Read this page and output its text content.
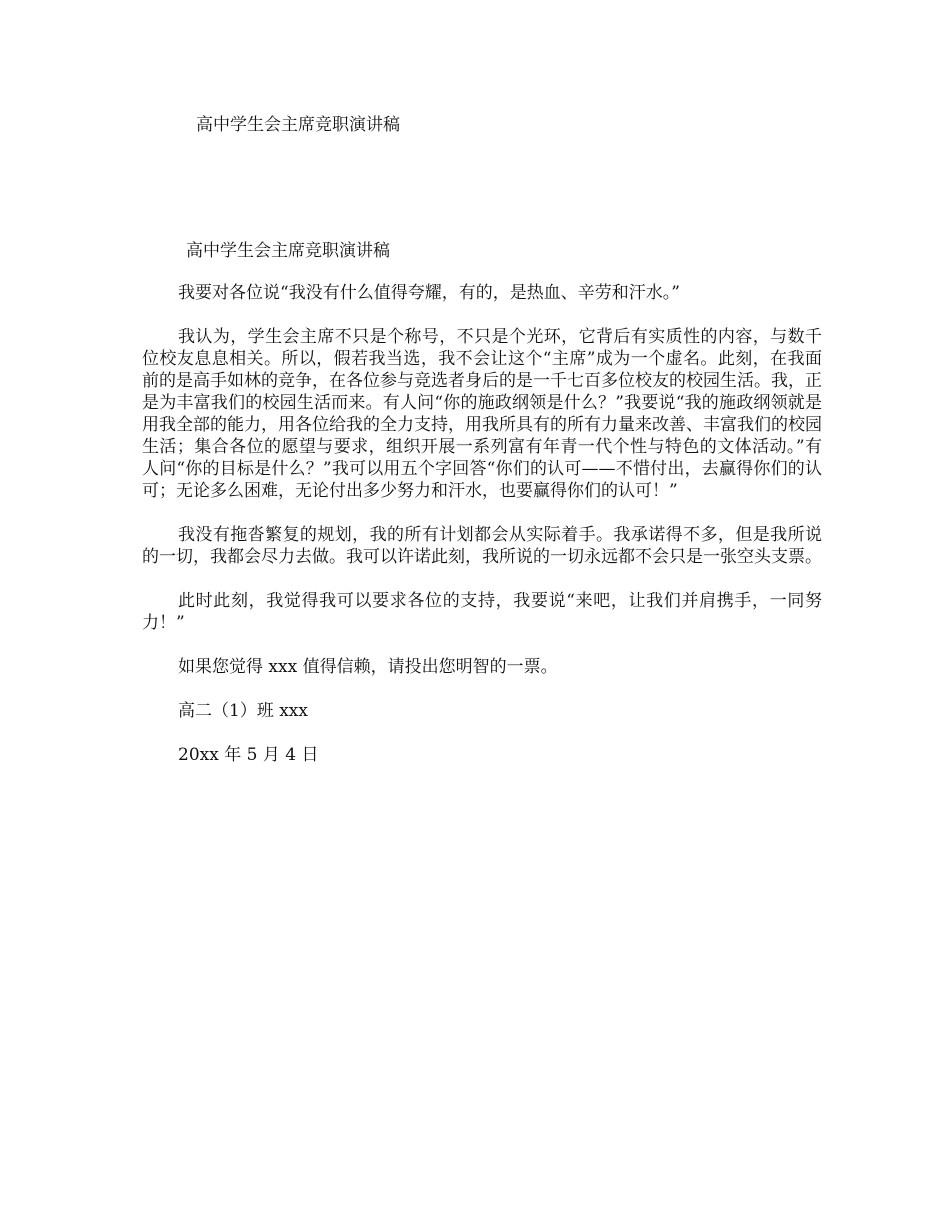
高中学生会主席竞职演讲稿
高中学生会主席竞职演讲稿

我要对各位说“我没有什么值得夸耀，有的，是热血、辛劳和汗水。”

我认为，学生会主席不只是个称号，不只是个光环，它背后有实质性的内容，与数千位校友息息相关。所以，假若我当选，我不会让这个“主席”成为一个虚名。此刻，在我面前的是高手如林的竞争，在各位参与竞选者身后的是一千七百多位校友的校园生活。我，正是为丰富我们的校园生活而来。有人问“你的施政纲领是什么？”我要说“我的施政纲领就是用我全部的能力，用各位给我的全力支持，用我所具有的所有力量来改善、丰富我们的校园生活；集合各位的愿望与要求，组织开展一系列富有年青一代个性与特色的文体活动。”有人问“你的目标是什么？”我可以用五个字回答“你们的认可——不惜付出，去赢得你们的认可；无论多么困难，无论付出多少努力和汗水，也要赢得你们的认可！”

我没有拖沓繁复的规划，我的所有计划都会从实际着手。我承诺得不多，但是我所说的一切，我都会尽力去做。我可以许诺此刻，我所说的一切永远都不会只是一张空头支票。

此时此刻，我觉得我可以要求各位的支持，我要说“来吧，让我们并肩携手，一同努力！”

如果您觉得 xxx 值得信赖，请投出您明智的一票。

高二（1）班 xxx

20xx 年 5 月 4 日
